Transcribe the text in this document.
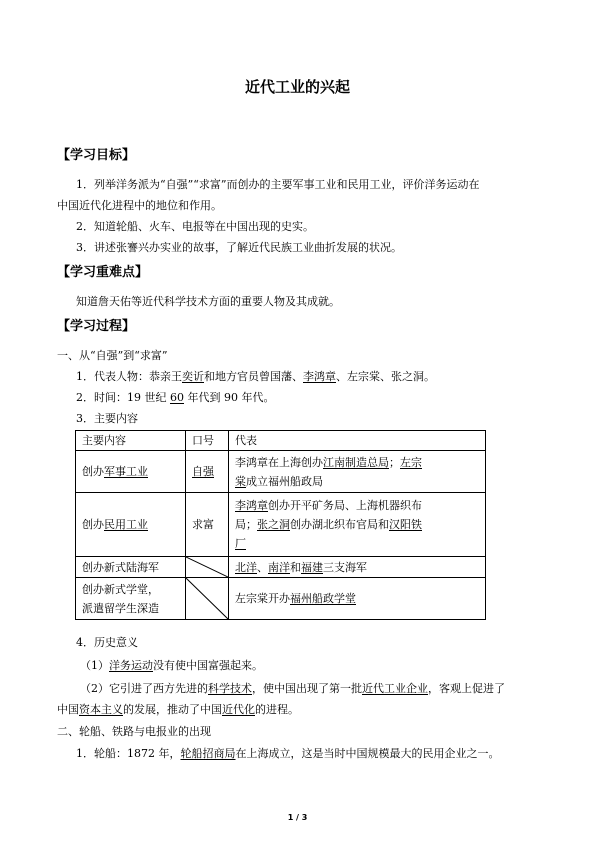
近代工业的兴起
【学习目标】
1．列举洋务派为“自强”“求富”而创办的主要军事工业和民用工业，评价洋务运动在
中国近代化进程中的地位和作用。
2．知道轮船、火车、电报等在中国出现的史实。
3．讲述张謇兴办实业的故事，了解近代民族工业曲折发展的状况。
【学习重难点】
知道詹天佑等近代科学技术方面的重要人物及其成就。
【学习过程】
一、从“自强”到“求富”
1．代表人物：恭亲王奕䜣和地方官员曾国藩、李鸿章、左宗棠、张之洞。
2．时间：19 世纪 60 年代到 90 年代。
3．主要内容
主要内容	口号	代表
创办军事工业	自强	李鸿章在上海创办江南制造总局；左宗
棠成立福州船政局

创办民用工业	求富	李鸿章创办开平矿务局、上海机器织布
局；张之洞创办湖北织布官局和汉阳铁
厂

创办新式陆海军		北洋、南洋和福建三支海军

创办新式学堂，
派遣留学生深造		左宗棠开办福州船政学堂
4．历史意义
（1）洋务运动没有使中国富强起来。
（2）它引进了西方先进的科学技术，使中国出现了第一批近代工业企业，客观上促进了
中国资本主义的发展，推动了中国近代化的进程。
二、轮船、铁路与电报业的出现
1．轮船：1872 年，轮船招商局在上海成立，这是当时中国规模最大的民用企业之一。
1 / 3
